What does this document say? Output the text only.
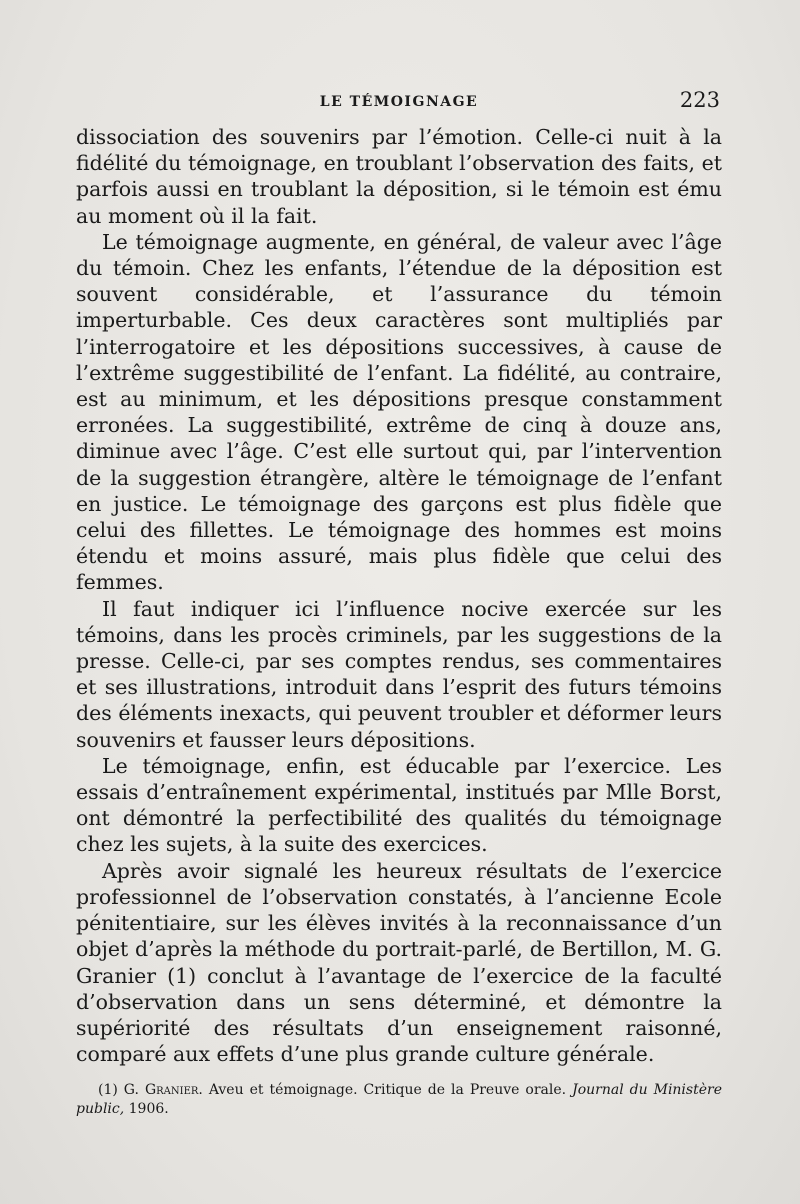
LE TÉMOIGNAGE	223

dissociation des souvenirs par l’émotion. Celle-ci nuit à la fidélité du témoignage, en troublant l’observation des faits, et parfois aussi en troublant la déposition, si le témoin est ému au moment où il la fait.

Le témoignage augmente, en général, de valeur avec l’âge du témoin. Chez les enfants, l’étendue de la déposition est souvent considérable, et l’assurance du témoin imperturbable. Ces deux caractères sont multipliés par l’interrogatoire et les dépositions successives, à cause de l’extrême suggestibilité de l’enfant. La fidélité, au contraire, est au minimum, et les dépositions presque constamment erronées. La suggestibilité, extrême de cinq à douze ans, diminue avec l’âge. C’est elle surtout qui, par l’intervention de la suggestion étrangère, altère le témoignage de l’enfant en justice. Le témoignage des garçons est plus fidèle que celui des fillettes. Le témoignage des hommes est moins étendu et moins assuré, mais plus fidèle que celui des femmes.

Il faut indiquer ici l’influence nocive exercée sur les témoins, dans les procès criminels, par les suggestions de la presse. Celle-ci, par ses comptes rendus, ses commentaires et ses illustrations, introduit dans l’esprit des futurs témoins des éléments inexacts, qui peuvent troubler et déformer leurs souvenirs et fausser leurs dépositions.

Le témoignage, enfin, est éducable par l’exercice. Les essais d’entraînement expérimental, institués par Mlle Borst, ont démontré la perfectibilité des qualités du témoignage chez les sujets, à la suite des exercices.

Après avoir signalé les heureux résultats de l’exercice professionnel de l’observation constatés, à l’ancienne Ecole pénitentiaire, sur les élèves invités à la reconnaissance d’un objet d’après la méthode du portrait-parlé, de Bertillon, M. G. Granier (1) conclut à l’avantage de l’exercice de la faculté d’observation dans un sens déterminé, et démontre la supériorité des résultats d’un enseignement raisonné, comparé aux effets d’une plus grande culture générale.

(1) G. Granier. Aveu et témoignage. Critique de la Preuve orale. Journal du Ministère public, 1906.
